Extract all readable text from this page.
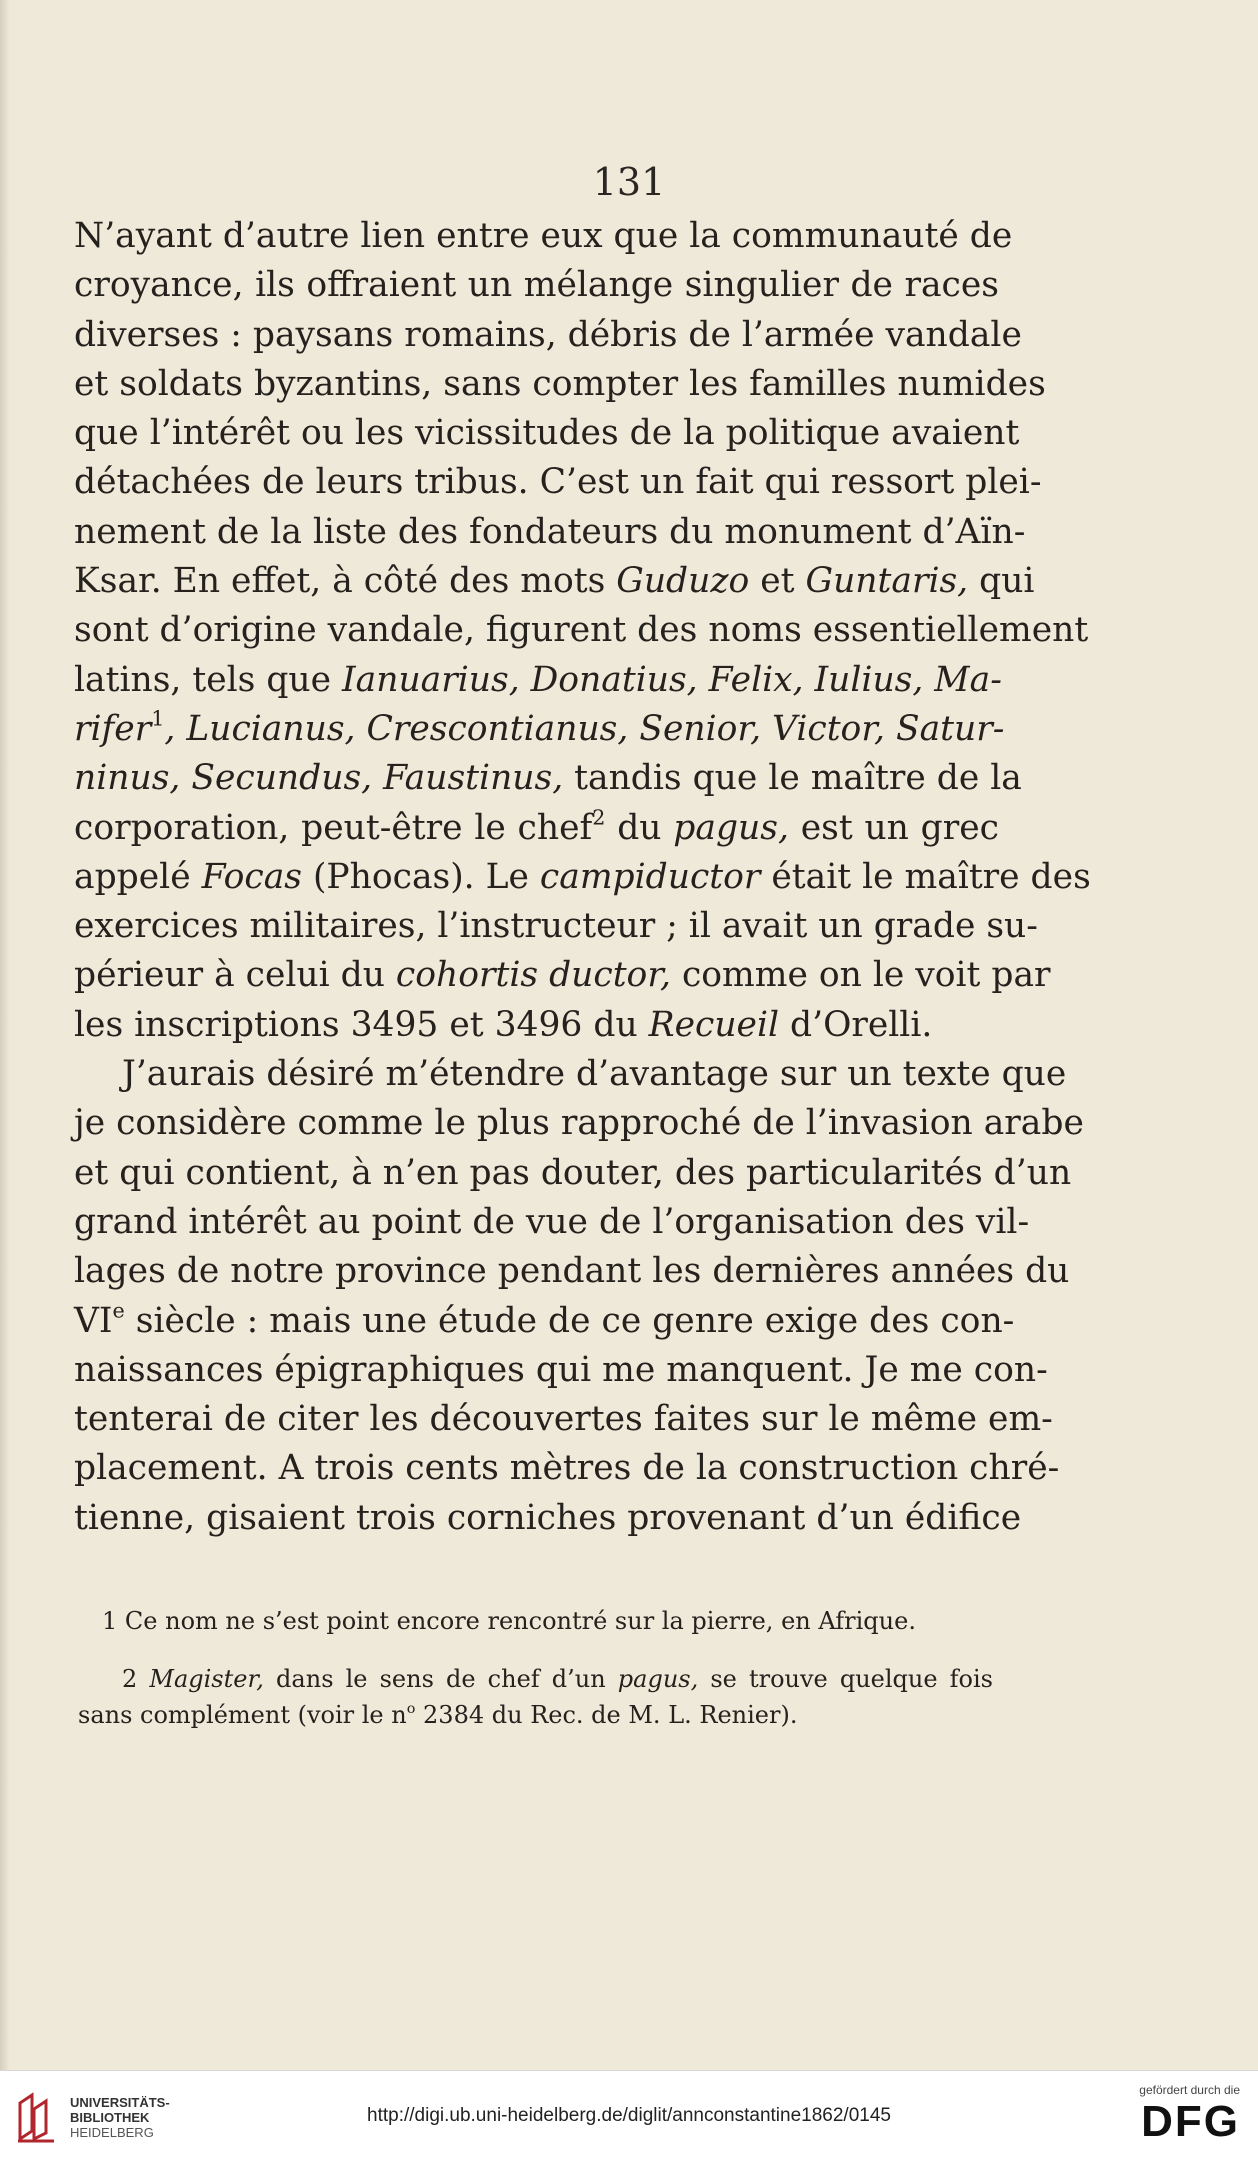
131
N’ayant d’autre lien entre eux que la communauté de
croyance, ils offraient un mélange singulier de races
diverses : paysans romains, débris de l’armée vandale
et soldats byzantins, sans compter les familles numides
que l’intérêt ou les vicissitudes de la politique avaient
détachées de leurs tribus. C’est un fait qui ressort plei-
nement de la liste des fondateurs du monument d’Aïn-
Ksar. En effet, à côté des mots Guduzo et Guntaris, qui
sont d’origine vandale, figurent des noms essentiellement
latins, tels que Ianuarius, Donatius, Felix, Iulius, Ma-
rifer$^1$, Lucianus, Crescontianus, Senior, Victor, Satur-
ninus, Secundus, Faustinus, tandis que le maître de la
corporation, peut-être le chef$^2$ du pagus, est un grec
appelé Focas (Phocas). Le campiductor était le maître des
exercices militaires, l’instructeur ; il avait un grade su-
périeur à celui du cohortis ductor, comme on le voit par
les inscriptions 3495 et 3496 du Recueil d’Orelli.
J’aurais désiré m’étendre d’avantage sur un texte que
je considère comme le plus rapproché de l’invasion arabe
et qui contient, à n’en pas douter, des particularités d’un
grand intérêt au point de vue de l’organisation des vil-
lages de notre province pendant les dernières années du
VIe siècle : mais une étude de ce genre exige des con-
naissances épigraphiques qui me manquent. Je me con-
tenterai de citer les découvertes faites sur le même em-
placement. A trois cents mètres de la construction chré-
tienne, gisaient trois corniches provenant d’un édifice

1 Ce nom ne s’est point encore rencontré sur la pierre, en Afrique.

2 Magister, dans le sens de chef d’un pagus, se trouve quelque fois sans complément (voir le $n^o$ 2384 du Rec. de M. L. Renier).

UNIVERSITÄTS-
BIBLIOTHEK
HEIDELBERG
http://digi.ub.uni-heidelberg.de/diglit/annconstantine1862/0145
gefördert durch die
DFG
